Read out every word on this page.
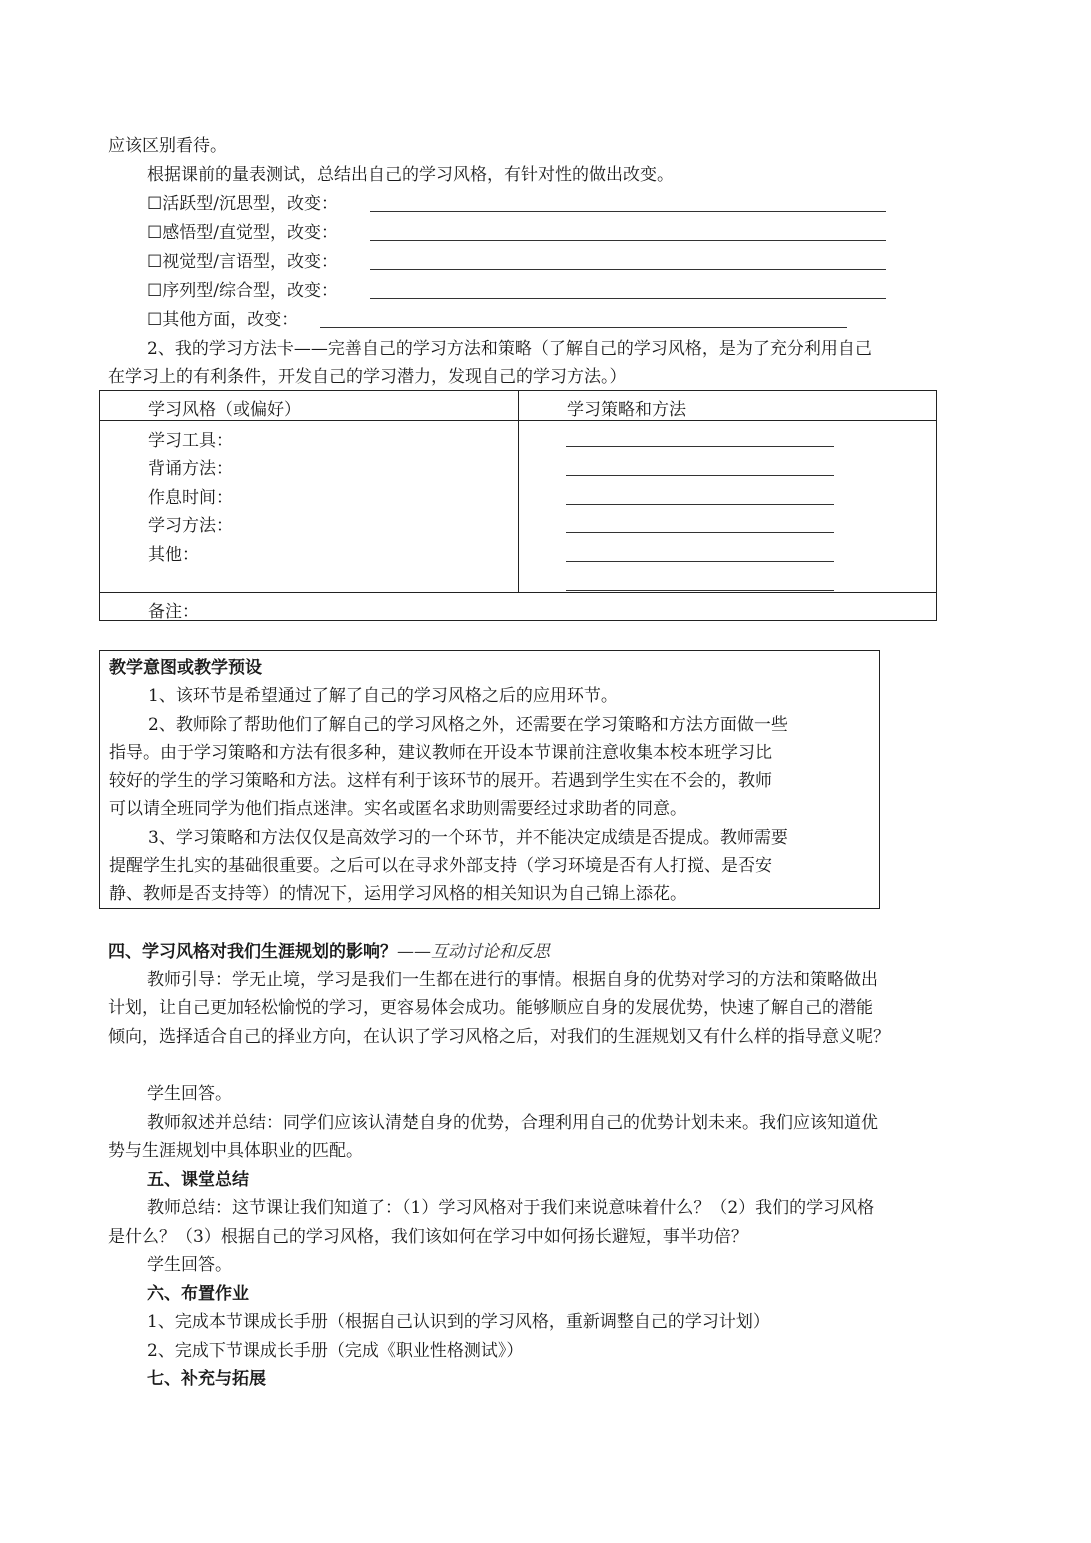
应该区别看待。
根据课前的量表测试，总结出自己的学习风格，有针对性的做出改变。
☐活跃型/沉思型，改变：
☐感悟型/直觉型，改变：
☐视觉型/言语型，改变：
☐序列型/综合型，改变：
☐其他方面，改变：
2、我的学习方法卡——完善自己的学习方法和策略（了解自己的学习风格，是为了充分利用自己
在学习上的有利条件，开发自己的学习潜力，发现自己的学习方法。）
学习风格（或偏好）	学习策略和方法
学习工具：
背诵方法：
作息时间：
学习方法：
其他：
备注：
教学意图或教学预设
1、该环节是希望通过了解了自己的学习风格之后的应用环节。
2、教师除了帮助他们了解自己的学习风格之外，还需要在学习策略和方法方面做一些
指导。由于学习策略和方法有很多种，建议教师在开设本节课前注意收集本校本班学习比
较好的学生的学习策略和方法。这样有利于该环节的展开。若遇到学生实在不会的，教师
可以请全班同学为他们指点迷津。实名或匿名求助则需要经过求助者的同意。
3、学习策略和方法仅仅是高效学习的一个环节，并不能决定成绩是否提成。教师需要
提醒学生扎实的基础很重要。之后可以在寻求外部支持（学习环境是否有人打搅、是否安
静、教师是否支持等）的情况下，运用学习风格的相关知识为自己锦上添花。
四、学习风格对我们生涯规划的影响？——互动讨论和反思
教师引导：学无止境，学习是我们一生都在进行的事情。根据自身的优势对学习的方法和策略做出
计划，让自己更加轻松愉悦的学习，更容易体会成功。能够顺应自身的发展优势，快速了解自己的潜能
倾向，选择适合自己的择业方向，在认识了学习风格之后，对我们的生涯规划又有什么样的指导意义呢？
学生回答。
教师叙述并总结：同学们应该认清楚自身的优势，合理利用自己的优势计划未来。我们应该知道优
势与生涯规划中具体职业的匹配。
五、课堂总结
教师总结：这节课让我们知道了：（1）学习风格对于我们来说意味着什么？（2）我们的学习风格
是什么？（3）根据自己的学习风格，我们该如何在学习中如何扬长避短，事半功倍？
学生回答。
六、布置作业
1、完成本节课成长手册（根据自己认识到的学习风格，重新调整自己的学习计划）
2、完成下节课成长手册（完成《职业性格测试》）
七、补充与拓展
